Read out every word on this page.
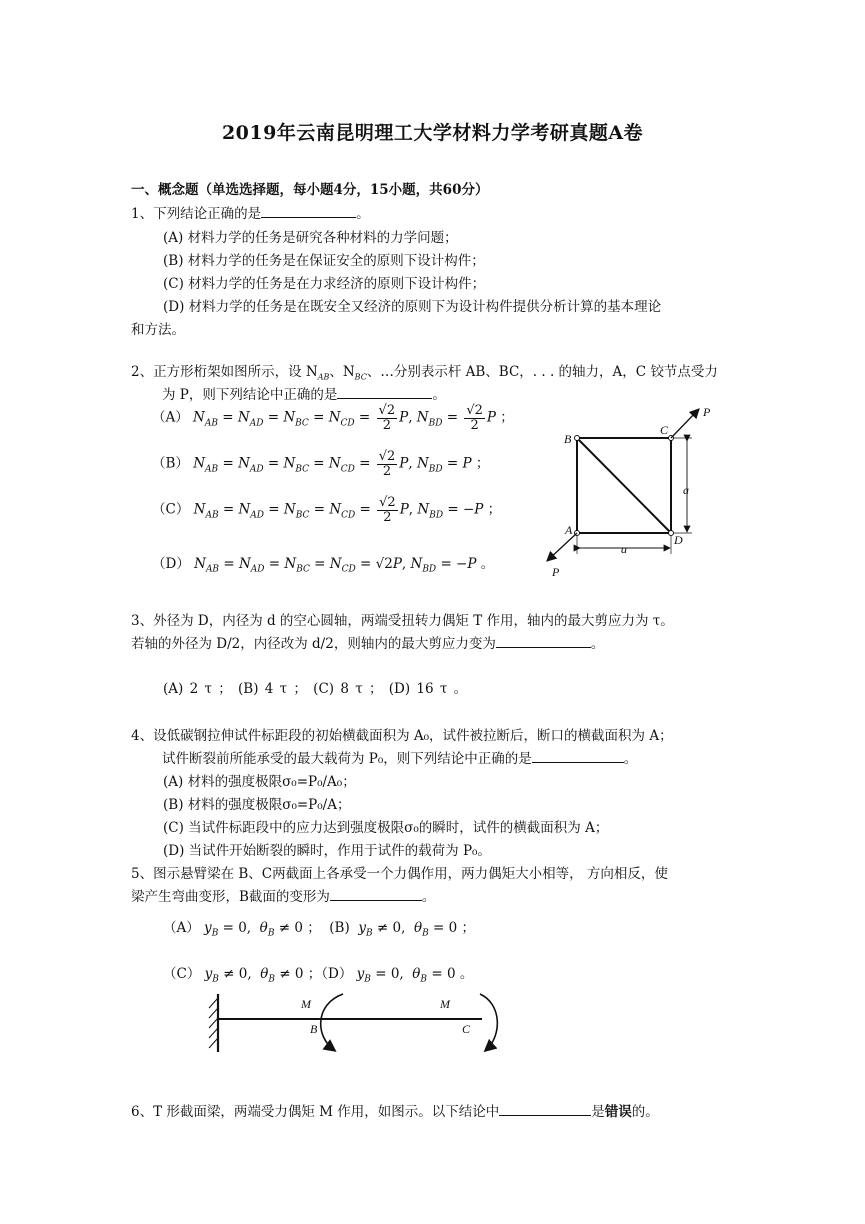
2019年云南昆明理工大学材料力学考研真题A卷
一、概念题（单选选择题，每小题4分，15小题，共60分）
1、下列结论正确的是	。
(A) 材料力学的任务是研究各种材料的力学问题；
(B) 材料力学的任务是在保证安全的原则下设计构件；
(C) 材料力学的任务是在力求经济的原则下设计构件；
(D) 材料力学的任务是在既安全又经济的原则下为设计构件提供分析计算的基本理论
和方法。
2、正方形桁架如图所示，设 $N_{AB}$、$N_{BC}$、…分别表示杆 AB、BC，. . . 的轴力，A，C 铰节点受力
为 P，则下列结论中正确的是	。
（A） $N_{AB} = N_{AD} = N_{BC} = N_{CD} = \frac{√2}{2} P$, $N_{BD} = \frac{√2}{2}$ P ；
（B） $N_{AB} = N_{AD} = N_{BC} = N_{CD} = \frac{√2}{2} P$, $N_{BD} = P$ ；
（C） $N_{AB} = N_{AD} = N_{BC} = N_{CD} = \frac{√2}{2} P$, $N_{BD} = -P$ ；
（D） $N_{AB} = N_{AD} = N_{BC} = N_{CD} = √2P$, $N_{BD} = -P$ 。
B
C
A
D
P
P
a
a
3、外径为 D，内径为 d 的空心圆轴，两端受扭转力偶矩 T 作用，轴内的最大剪应力为 τ。
若轴的外径为 D/2，内径改为 d/2，则轴内的最大剪应力变为	。
(A) 2 τ ； (B) 4 τ ； (C) 8 τ ； (D) 16 τ 。
4、设低碳钢拉伸试件标距段的初始横截面积为 A₀，试件被拉断后，断口的横截面积为 A；
试件断裂前所能承受的最大载荷为 P₀，则下列结论中正确的是	。
(A) 材料的强度极限σ₀=P₀/A₀；
(B) 材料的强度极限σ₀=P₀/A；
(C) 当试件标距段中的应力达到强度极限σ₀的瞬时，试件的横截面积为 A；
(D) 当试件开始断裂的瞬时，作用于试件的载荷为 P₀。
5、图示悬臂梁在 B、C两截面上各承受一个力偶作用，两力偶矩大小相等， 方向相反，使
梁产生弯曲变形，B截面的变形为	。
（A） $y_B = 0$,  $\theta_B \ne 0$ ；  (B)  $y_B \ne 0$,  $\theta_B = 0$ ；
（C） $y_B \ne 0$,  $\theta_B \ne 0$ ；（D） $y_B = 0$,  $\theta_B = 0$ 。
M	M
B	C
6、T 形截面梁，两端受力偶矩 M 作用，如图示。以下结论中	是错误的。
